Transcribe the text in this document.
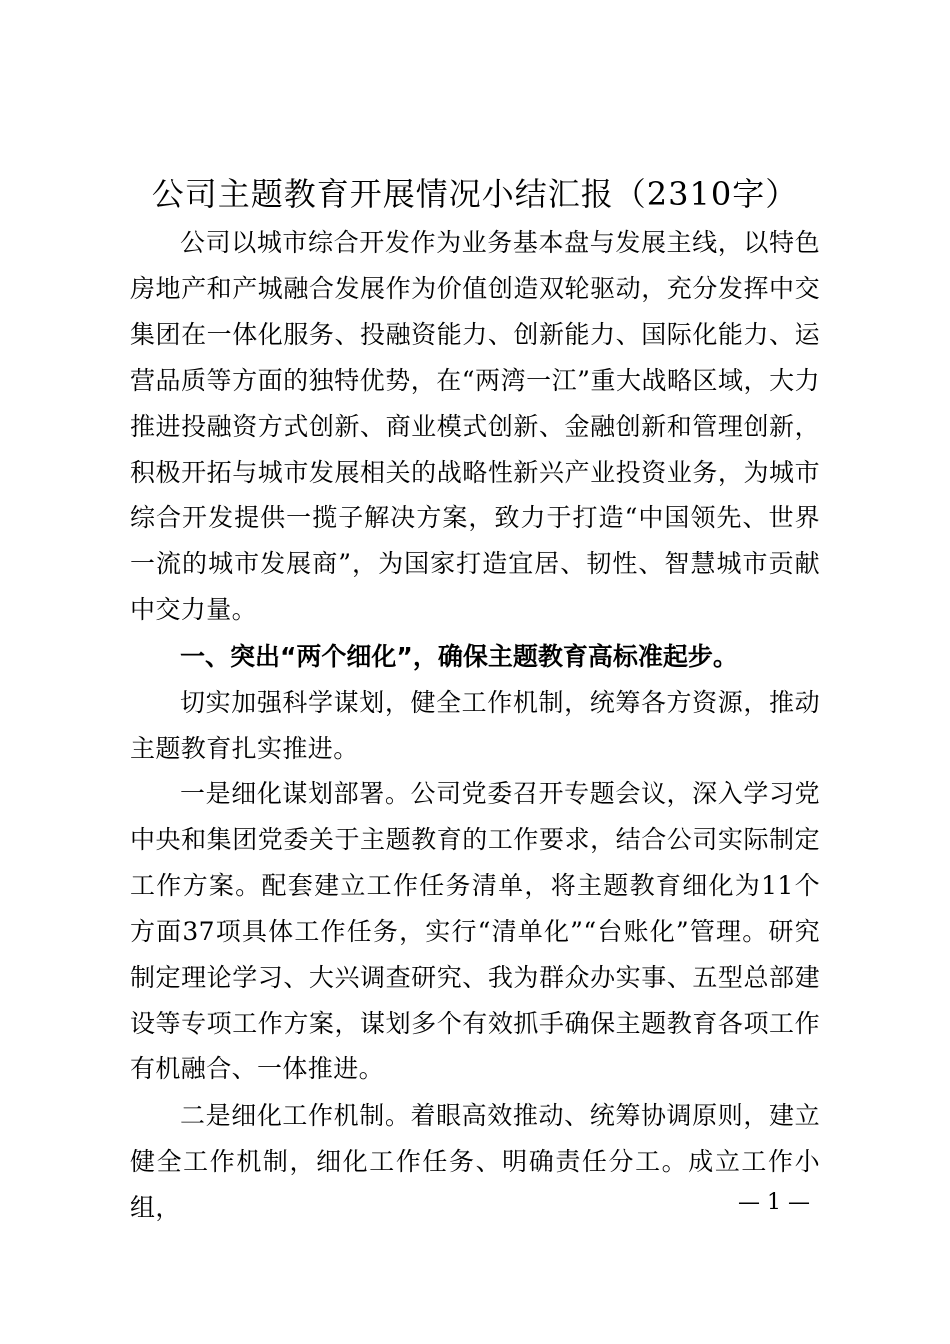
公司主题教育开展情况小结汇报（2310字）

公司以城市综合开发作为业务基本盘与发展主线，以特色房地产和产城融合发展作为价值创造双轮驱动，充分发挥中交集团在一体化服务、投融资能力、创新能力、国际化能力、运营品质等方面的独特优势，在“两湾一江”重大战略区域，大力推进投融资方式创新、商业模式创新、金融创新和管理创新，积极开拓与城市发展相关的战略性新兴产业投资业务，为城市综合开发提供一揽子解决方案，致力于打造“中国领先、世界一流的城市发展商”，为国家打造宜居、韧性、智慧城市贡献中交力量。

一、突出“两个细化”，确保主题教育高标准起步。

切实加强科学谋划，健全工作机制，统筹各方资源，推动主题教育扎实推进。

一是细化谋划部署。公司党委召开专题会议，深入学习党中央和集团党委关于主题教育的工作要求，结合公司实际制定工作方案。配套建立工作任务清单，将主题教育细化为11个方面37项具体工作任务，实行“清单化”“台账化”管理。研究制定理论学习、大兴调查研究、我为群众办实事、五型总部建设等专项工作方案，谋划多个有效抓手确保主题教育各项工作有机融合、一体推进。

二是细化工作机制。着眼高效推动、统筹协调原则，建立健全工作机制，细化工作任务、明确责任分工。成立工作小组，	— 1 —
